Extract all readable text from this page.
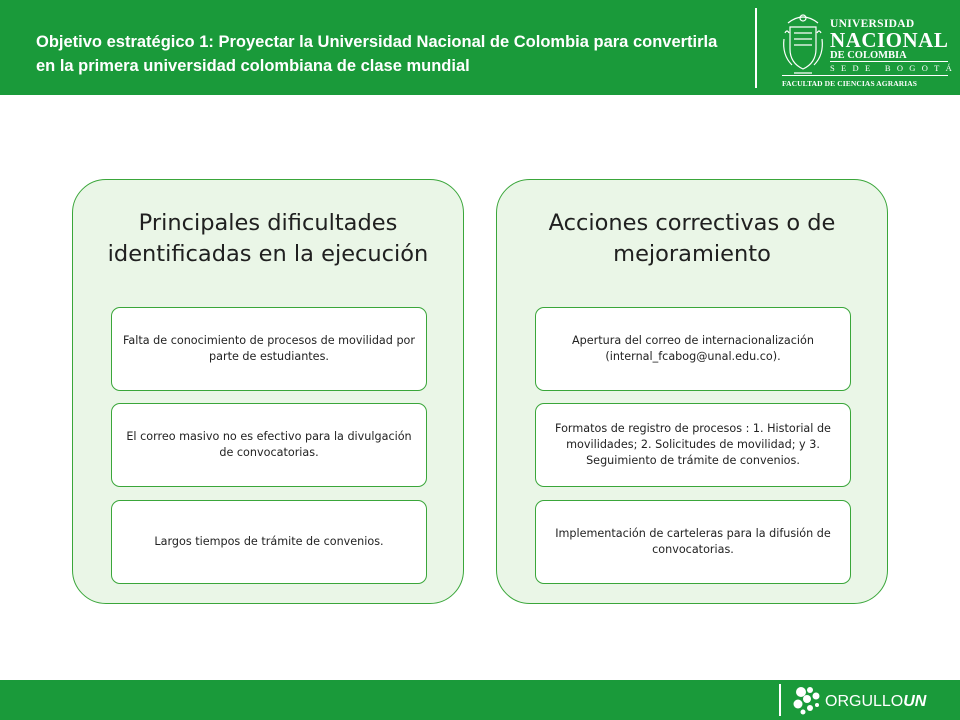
Objetivo estratégico 1: Proyectar la Universidad Nacional de Colombia para convertirla en la primera universidad colombiana de clase mundial
UNIVERSIDAD
NACIONAL
DE COLOMBIA
SEDE BOGOTÁ
FACULTAD DE CIENCIAS AGRARIAS
Principales dificultades identificadas en la ejecución
Falta de conocimiento de procesos de movilidad por parte de estudiantes.
El correo masivo no es efectivo para la divulgación de convocatorias.
Largos tiempos de trámite de convenios.
Acciones correctivas o de mejoramiento
Apertura del correo de internacionalización (internal_fcabog@unal.edu.co).
Formatos de registro de procesos : 1. Historial de movilidades; 2. Solicitudes de movilidad; y 3. Seguimiento de trámite de convenios.
Implementación de carteleras para la difusión de convocatorias.
ORGULLOUN
